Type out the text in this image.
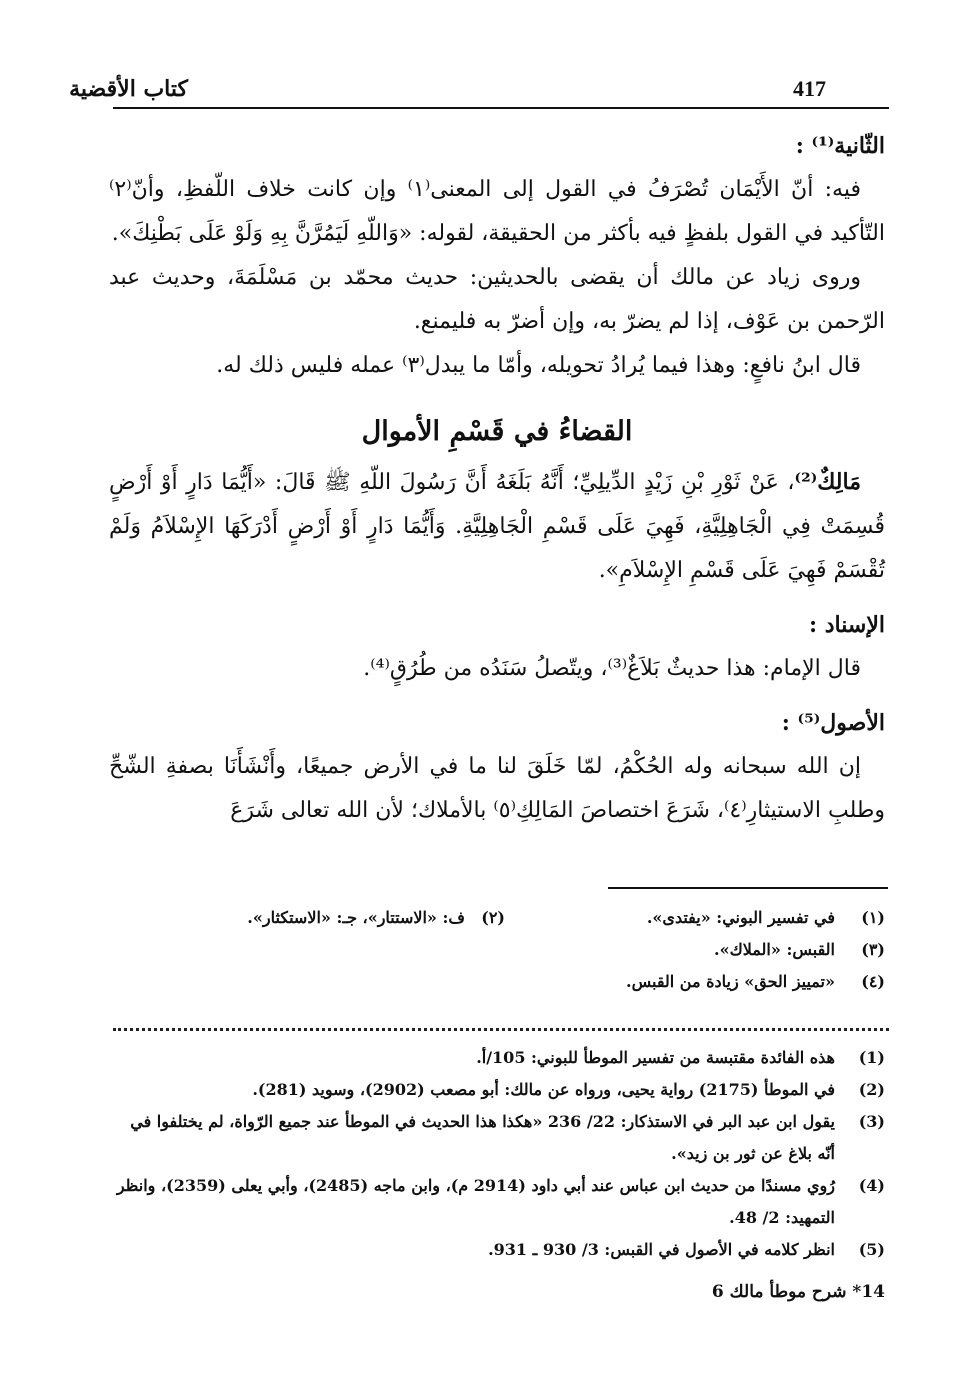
كتاب الأقضية	417

الثّانية⁽¹⁾ :

فيه: أنّ الأَيْمَان تُصْرَفُ في القول إلى المعنى⁽١⁾ وإن كانت خلاف اللّفظِ، وأنّ⁽٢⁾ التّأكيد في القول بلفظٍ فيه بأكثر من الحقيقة، لقوله: «وَاللّهِ لَيَمُرَّنَّ بِهِ وَلَوْ عَلَى بَطْنِكَ».

وروى زياد عن مالك أن يقضى بالحديثين: حديث محمّد بن مَسْلَمَةَ، وحديث عبد الرّحمن بن عَوْف، إذا لم يضرّ به، وإن أضرّ به فليمنع.

قال ابنُ نافعٍ: وهذا فيما يُرادُ تحويله، وأمّا ما يبدل⁽٣⁾ عمله فليس ذلك له.

القضاءُ في قَسْمِ الأموال

مَالِكٌ⁽²⁾، عَنْ ثَوْرِ بْنِ زَيْدٍ الدِّيلِيِّ؛ أَنَّهُ بَلَغَهُ أَنَّ رَسُولَ اللّهِ ﷺ قَالَ: «أَيُّمَا دَارٍ أَوْ أَرْضٍ قُسِمَتْ فِي الْجَاهِلِيَّةِ، فَهِيَ عَلَى قَسْمِ الْجَاهِلِيَّةِ. وَأَيُّمَا دَارٍ أَوْ أَرْضٍ أَدْرَكَهَا الإِسْلاَمُ وَلَمْ تُقْسَمْ فَهِيَ عَلَى قَسْمِ الإِسْلاَمِ».

الإسناد :

قال الإمام: هذا حديثٌ بَلاَغٌ⁽³⁾، ويتّصلُ سَنَدُه من طُرُقٍ⁽⁴⁾.

الأصول⁽⁵⁾ :

إن الله سبحانه وله الحُكْمُ، لمّا خَلَقَ لنا ما في الأرض جميعًا، وأَنْشَأَنَا بصفةِ الشّحِّ وطلبِ الاستيثارِ⁽٤⁾، شَرَعَ اختصاصَ المَالِكِ⁽٥⁾ بالأملاك؛ لأن الله تعالى شَرَعَ

(١)
في تفسير البوني: «يفتدى».
(٢)
ف: «الاستتار»، جـ: «الاستكثار».
(٣)
القبس: «الملاك».
(٤)
«تمييز الحق» زيادة من القبس.
(1)
هذه الفائدة مقتبسة من تفسير الموطأ للبوني: 105/أ.
(2)
في الموطأ (2175) رواية يحيى، ورواه عن مالك: أبو مصعب (2902)، وسويد (281).
(3)
يقول ابن عبد البر في الاستذكار: 22/ 236 «هكذا هذا الحديث في الموطأ عند جميع الرّواة، لم يختلفوا في أنّه بلاغ عن ثور بن زيد».
(4)
رُوي مسندًا من حديث ابن عباس عند أبي داود (2914 م)، وابن ماجه (2485)، وأبي يعلى (2359)، وانظر التمهيد: 2/ 48.
(5)
انظر كلامه في الأصول في القبس: 3/ 930 ـ 931.
14* شرح موطأ مالك 6
